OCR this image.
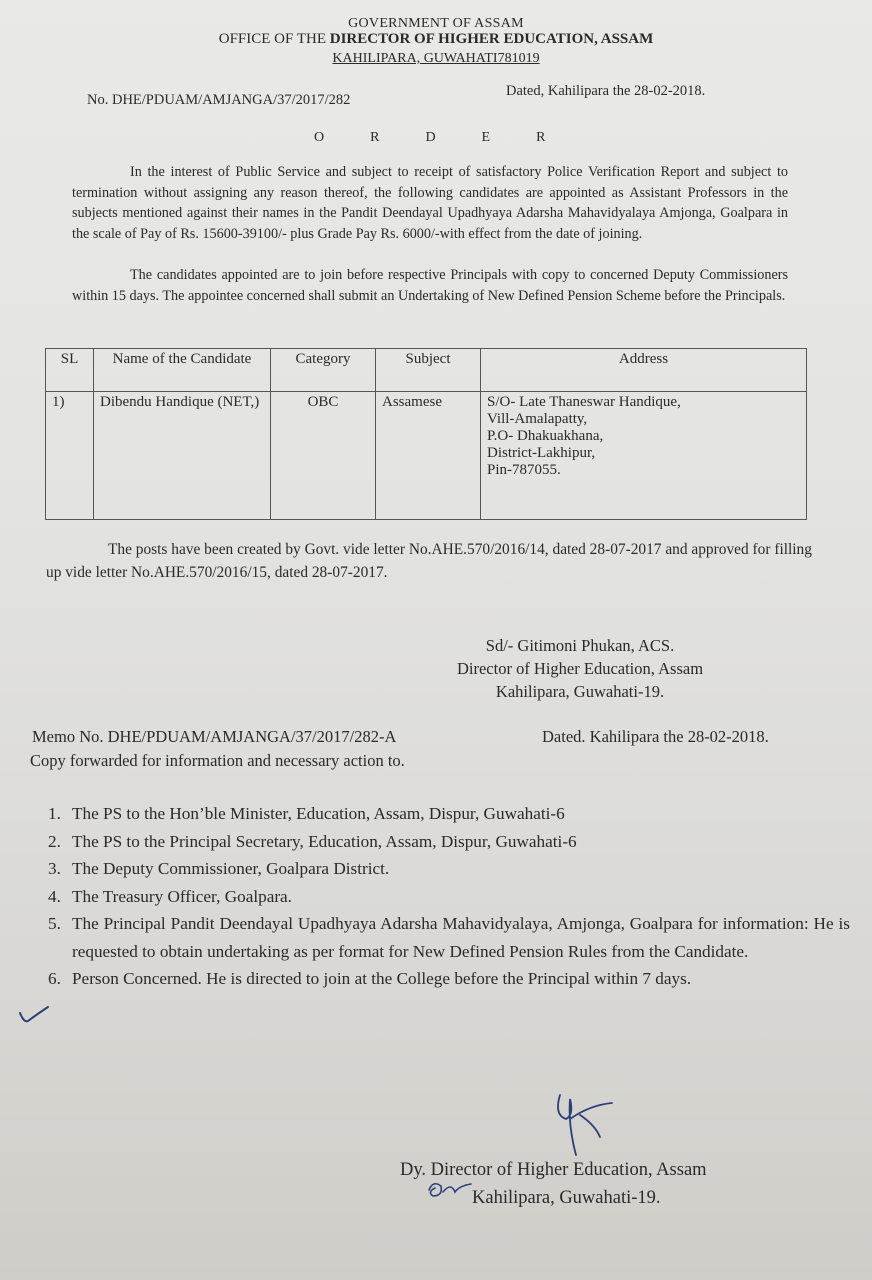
GOVERNMENT OF ASSAM
OFFICE OF THE DIRECTOR OF HIGHER EDUCATION, ASSAM
KAHILIPARA, GUWAHATI781019
No. DHE/PDUAM/AMJANGA/37/2017/282
Dated, Kahilipara the 28-02-2018.
ORDER
In the interest of Public Service and subject to receipt of satisfactory Police Verification Report and subject to termination without assigning any reason thereof, the following candidates are appointed as Assistant Professors in the subjects mentioned against their names in the Pandit Deendayal Upadhyaya Adarsha Mahavidyalaya Amjonga, Goalpara in the scale of Pay of Rs. 15600-39100/- plus Grade Pay Rs. 6000/-with effect from the date of joining.
The candidates appointed are to join before respective Principals with copy to concerned Deputy Commissioners within 15 days. The appointee concerned shall submit an Undertaking of New Defined Pension Scheme before the Principals.
SL	Name of the Candidate	Category	Subject	Address
1)	Dibendu Handique (NET,)	OBC	Assamese	S/O- Late Thaneswar Handique,
Vill-Amalapatty,
P.O- Dhakuakhana,
District-Lakhipur,
Pin-787055.
The posts have been created by Govt. vide letter No.AHE.570/2016/14, dated 28-07-2017 and approved for filling up vide letter No.AHE.570/2016/15, dated 28-07-2017.
Sd/- Gitimoni Phukan, ACS.
Director of Higher Education, Assam
Kahilipara, Guwahati-19.
Memo No. DHE/PDUAM/AMJANGA/37/2017/282-A	Dated. Kahilipara the 28-02-2018.
Copy forwarded for information and necessary action to.
1. The PS to the Hon’ble Minister, Education, Assam, Dispur, Guwahati-6
2. The PS to the Principal Secretary, Education, Assam, Dispur, Guwahati-6
3. The Deputy Commissioner, Goalpara District.
4. The Treasury Officer, Goalpara.
5. The Principal Pandit Deendayal Upadhyaya Adarsha Mahavidyalaya, Amjonga, Goalpara for information: He is requested to obtain undertaking as per format for New Defined Pension Rules from the Candidate.
6. Person Concerned. He is directed to join at the College before the Principal within 7 days.
Dy. Director of Higher Education, Assam
Kahilipara, Guwahati-19.
